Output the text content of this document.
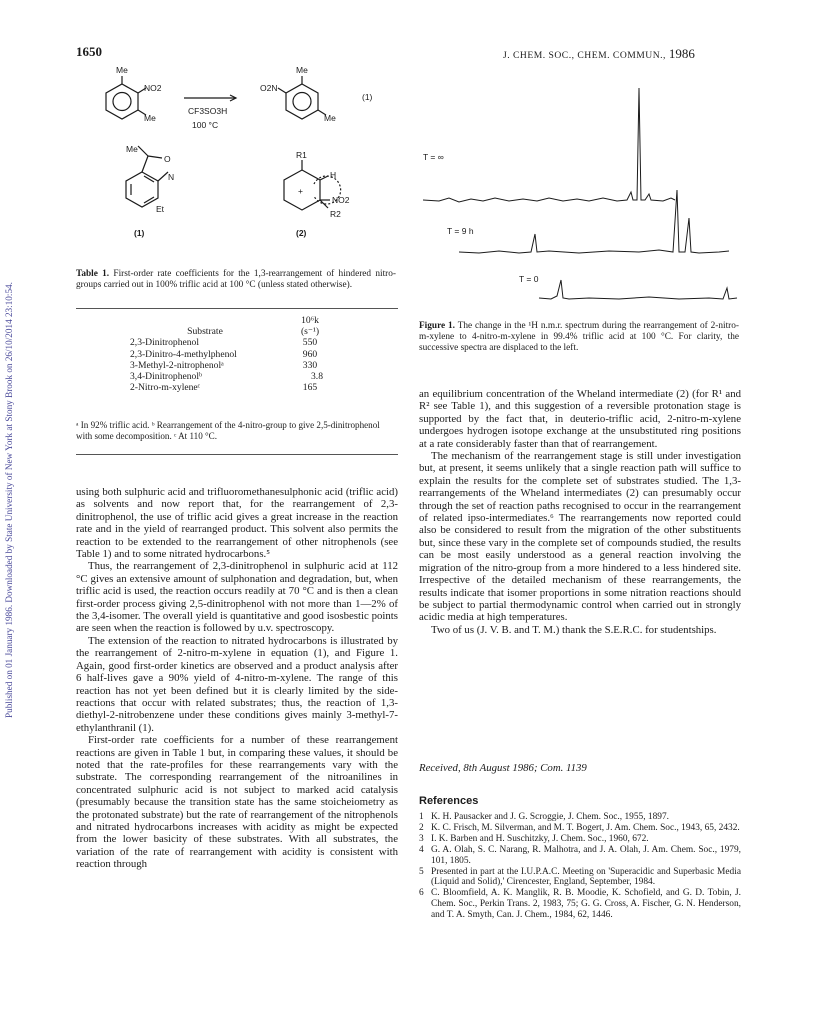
Published on 01 January 1986. Downloaded by State University of New York at Stony Brook on 26/10/2014 23:10:54.
1650	J. CHEM. SOC., CHEM. COMMUN., 1986
Me
NO2
Me
CF3SO3H
100 °C
O2N
Me
Me
(1)
Me
O
N
Et
(1)
R1
H
NO2
R2
+
(2)
Table 1. First-order rate coefficients for the 1,3-rearrangement of hindered nitro-groups carried out in 100% triflic acid at 100 °C (unless stated otherwise).

Substrate	10⁶k
(s⁻¹)
2,3-Dinitrophenol	550
2,3-Dinitro-4-methylphenol	960
3-Methyl-2-nitrophenolᵃ	330
3,4-Dinitrophenolᵇ	3.8
2-Nitro-m-xyleneᶜ	165
ᵃ In 92% triflic acid. ᵇ Rearrangement of the 4-nitro-group to give 2,5-dinitrophenol with some decomposition. ᶜ At 110 °C.

using both sulphuric acid and trifluoromethanesulphonic acid (triflic acid) as solvents and now report that, for the rearrangement of 2,3-dinitrophenol, the use of triflic acid gives a great increase in the reaction rate and in the yield of rearranged product. This solvent also permits the reaction to be extended to the rearrangement of other nitrophenols (see Table 1) and to some nitrated hydrocarbons.⁵

Thus, the rearrangement of 2,3-dinitrophenol in sulphuric acid at 112 °C gives an extensive amount of sulphonation and degradation, but, when triflic acid is used, the reaction occurs readily at 70 °C and is then a clean first-order process giving 2,5-dinitrophenol with not more than 1—2% of the 3,4-isomer. The overall yield is quantitative and good isosbestic points are seen when the reaction is followed by u.v. spectroscopy.

The extension of the reaction to nitrated hydrocarbons is illustrated by the rearrangement of 2-nitro-m-xylene in equation (1), and Figure 1. Again, good first-order kinetics are observed and a product analysis after 6 half-lives gave a 90% yield of 4-nitro-m-xylene. The range of this reaction has not yet been defined but it is clearly limited by the side-reactions that occur with related substrates; thus, the reaction of 1,3-diethyl-2-nitrobenzene under these conditions gives mainly 3-methyl-7-ethylanthranil (1).

First-order rate coefficients for a number of these rearrangement reactions are given in Table 1 but, in comparing these values, it should be noted that the rate-profiles for these rearrangements vary with the substrate. The corresponding rearrangement of the nitroanilines in concentrated sulphuric acid is not subject to marked acid catalysis (presumably because the transition state has the same stoicheiometry as the protonated substrate) but the rate of rearrangement of the nitrophenols and nitrated hydrocarbons increases with acidity as might be expected from the lower basicity of these substrates. With all substrates, the variation of the rate of rearrangement with acidity is consistent with reaction through

T = ∞
T = 9 h
T = 0
Figure 1. The change in the ¹H n.m.r. spectrum during the rearrangement of 2-nitro-m-xylene to 4-nitro-m-xylene in 99.4% triflic acid at 100 °C. For clarity, the successive spectra are displaced to the left.

an equilibrium concentration of the Wheland intermediate (2) (for R¹ and R² see Table 1), and this suggestion of a reversible protonation stage is supported by the fact that, in deuterio-triflic acid, 2-nitro-m-xylene undergoes hydrogen isotope exchange at the unsubstituted ring positions at a rate considerably faster than that of rearrangement.

The mechanism of the rearrangement stage is still under investigation but, at present, it seems unlikely that a single reaction path will suffice to explain the results for the complete set of substrates studied. The 1,3-rearrangements of the Wheland intermediates (2) can presumably occur through the set of reaction paths recognised to occur in the rearrangement of related ipso-intermediates.⁶ The rearrangements now reported could also be considered to result from the migration of the other substituents but, since these vary in the complete set of compounds studied, the results can be most easily understood as a general reaction involving the migration of the nitro-group from a more hindered to a less hindered site. Irrespective of the detailed mechanism of these rearrangements, the results indicate that isomer proportions in some nitration reactions should be subject to partial thermodynamic control when carried out in strongly acidic media at high temperatures.

Two of us (J. V. B. and T. M.) thank the S.E.R.C. for studentships.

Received, 8th August 1986; Com. 1139
References
1 K. H. Pausacker and J. G. Scroggie, J. Chem. Soc., 1955, 1897.
2 K. C. Frisch, M. Silverman, and M. T. Bogert, J. Am. Chem. Soc., 1943, 65, 2432.
3 I. K. Barben and H. Suschitzky, J. Chem. Soc., 1960, 672.
4 G. A. Olah, S. C. Narang, R. Malhotra, and J. A. Olah, J. Am. Chem. Soc., 1979, 101, 1805.
5 Presented in part at the I.U.P.A.C. Meeting on 'Superacidic and Superbasic Media (Liquid and Solid),' Cirencester, England, September, 1984.
6 C. Bloomfield, A. K. Manglik, R. B. Moodie, K. Schofield, and G. D. Tobin, J. Chem. Soc., Perkin Trans. 2, 1983, 75; G. G. Cross, A. Fischer, G. N. Henderson, and T. A. Smyth, Can. J. Chem., 1984, 62, 1446.
